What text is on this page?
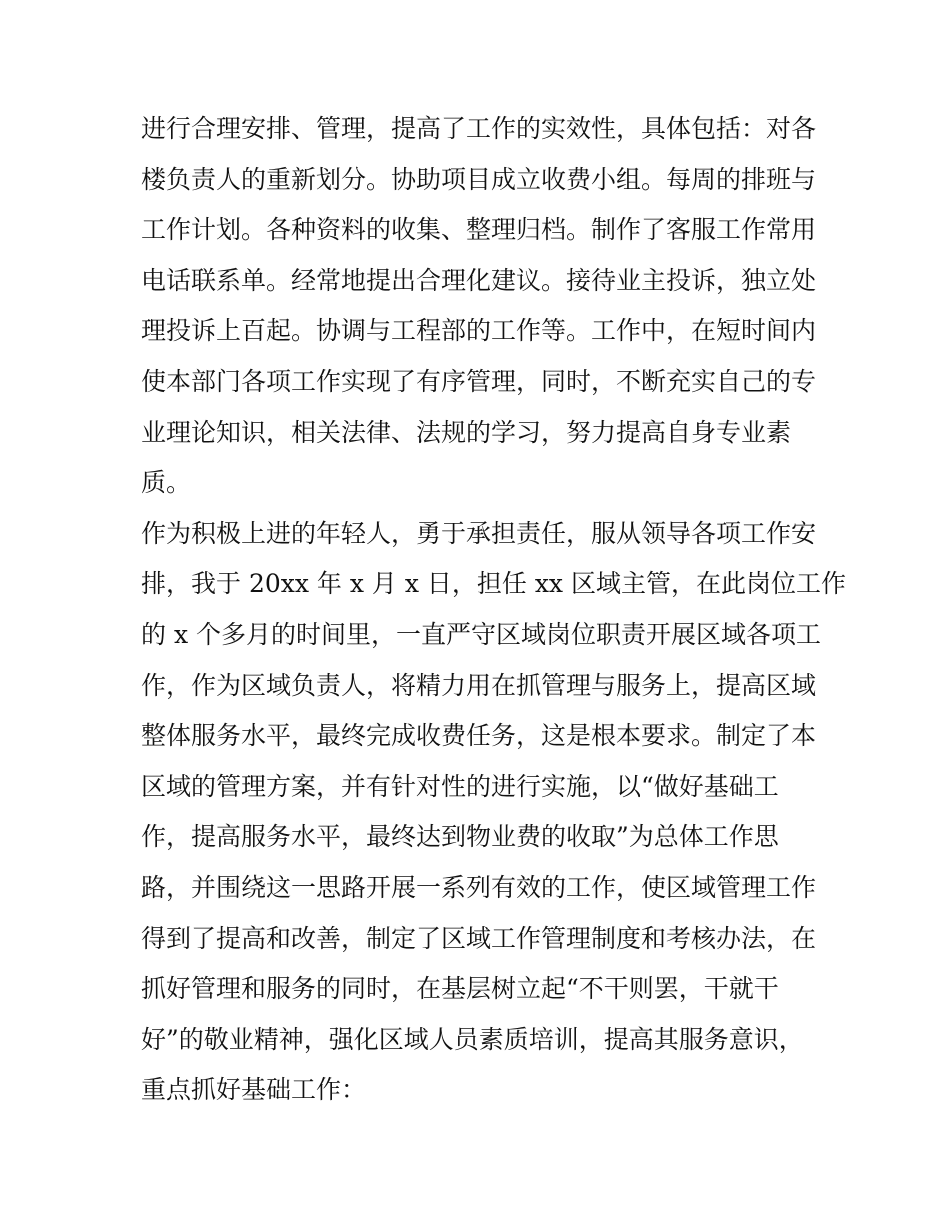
进行合理安排、管理，提高了工作的实效性，具体包括：对各
楼负责人的重新划分。协助项目成立收费小组。每周的排班与
工作计划。各种资料的收集、整理归档。制作了客服工作常用
电话联系单。经常地提出合理化建议。接待业主投诉，独立处
理投诉上百起。协调与工程部的工作等。工作中，在短时间内
使本部门各项工作实现了有序管理，同时，不断充实自己的专
业理论知识，相关法律、法规的学习，努力提高自身专业素
质。
作为积极上进的年轻人，勇于承担责任，服从领导各项工作安
排，我于 20xx 年 x 月 x 日，担任 xx 区域主管，在此岗位工作
的 x 个多月的时间里，一直严守区域岗位职责开展区域各项工
作，作为区域负责人，将精力用在抓管理与服务上，提高区域
整体服务水平，最终完成收费任务，这是根本要求。制定了本
区域的管理方案，并有针对性的进行实施，以“做好基础工
作，提高服务水平，最终达到物业费的收取”为总体工作思
路，并围绕这一思路开展一系列有效的工作，使区域管理工作
得到了提高和改善，制定了区域工作管理制度和考核办法，在
抓好管理和服务的同时，在基层树立起“不干则罢，干就干
好”的敬业精神，强化区域人员素质培训，提高其服务意识，
重点抓好基础工作：
